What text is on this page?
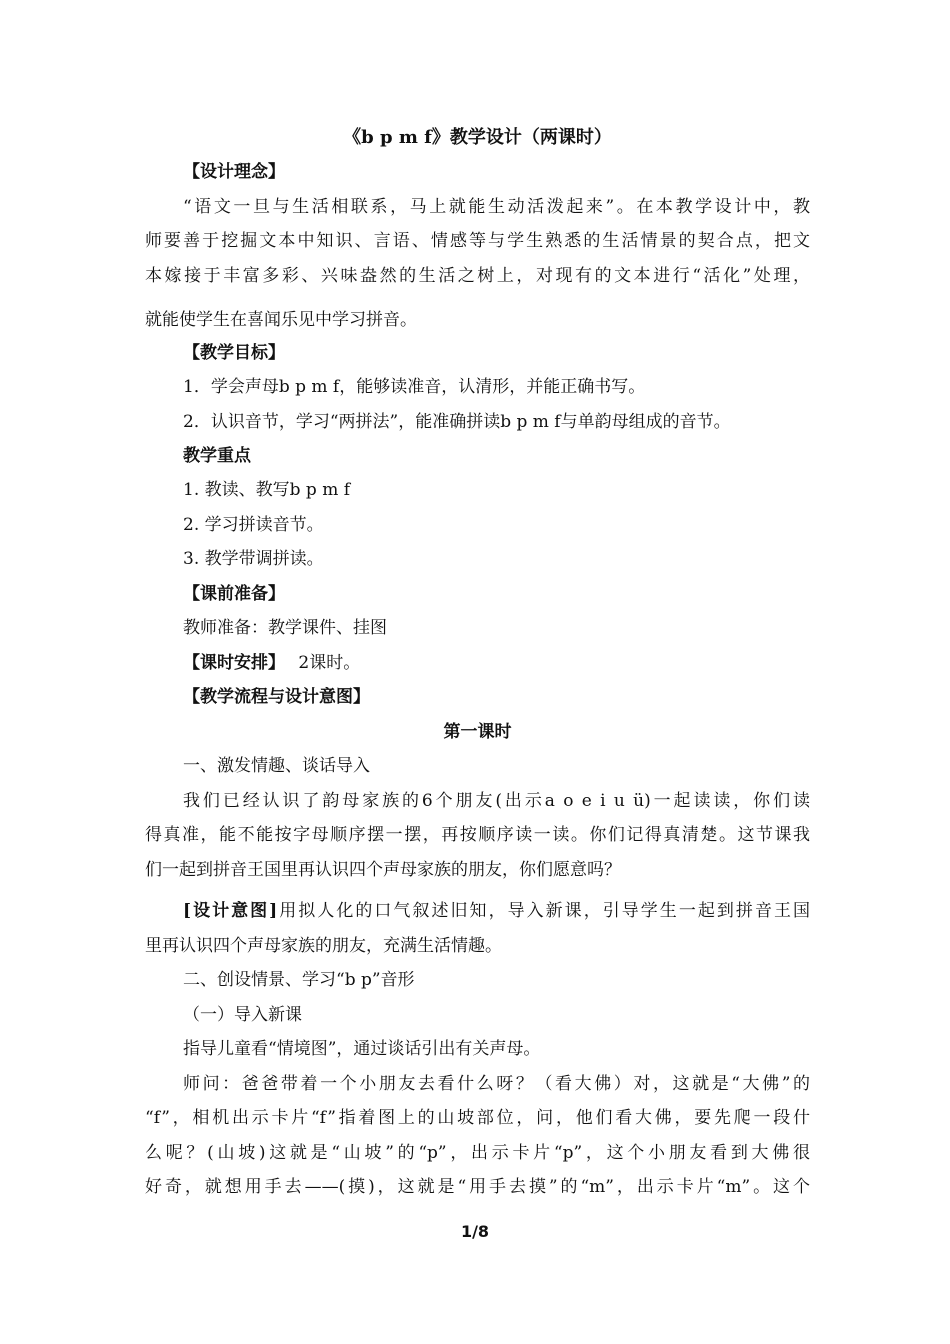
《b p m f》教学设计（两课时）
【设计理念】
“语文一旦与生活相联系，马上就能生动活泼起来”。在本教学设计中，教
师要善于挖掘文本中知识、言语、情感等与学生熟悉的生活情景的契合点，把文
本嫁接于丰富多彩、兴味盎然的生活之树上，对现有的文本进行“活化”处理，
就能使学生在喜闻乐见中学习拼音。
【教学目标】
1．学会声母b p m f，能够读准音，认清形，并能正确书写。
2．认识音节，学习“两拼法”，能准确拼读b p m f与单韵母组成的音节。
教学重点
1. 教读、教写b p m f
2. 学习拼读音节。
3. 教学带调拼读。
【课前准备】
教师准备：教学课件、挂图
【课时安排】 2课时。
【教学流程与设计意图】
第一课时
一、激发情趣、谈话导入
我们已经认识了韵母家族的6个朋友(出示a o e i u ü)一起读读，你们读
得真准，能不能按字母顺序摆一摆，再按顺序读一读。你们记得真清楚。这节课我
们一起到拼音王国里再认识四个声母家族的朋友，你们愿意吗？
[设计意图]用拟人化的口气叙述旧知，导入新课，引导学生一起到拼音王国
里再认识四个声母家族的朋友，充满生活情趣。
二、创设情景、学习“b p”音形
（一）导入新课
指导儿童看“情境图”，通过谈话引出有关声母。
师问：爸爸带着一个小朋友去看什么呀？（看大佛）对，这就是“大佛”的
“f”，相机出示卡片“f”指着图上的山坡部位，问，他们看大佛，要先爬一段什
么呢？(山坡)这就是“山坡”的“p”，出示卡片“p”，这个小朋友看到大佛很
好奇，就想用手去——(摸)，这就是“用手去摸”的“m”，出示卡片“m”。这个
1/8
